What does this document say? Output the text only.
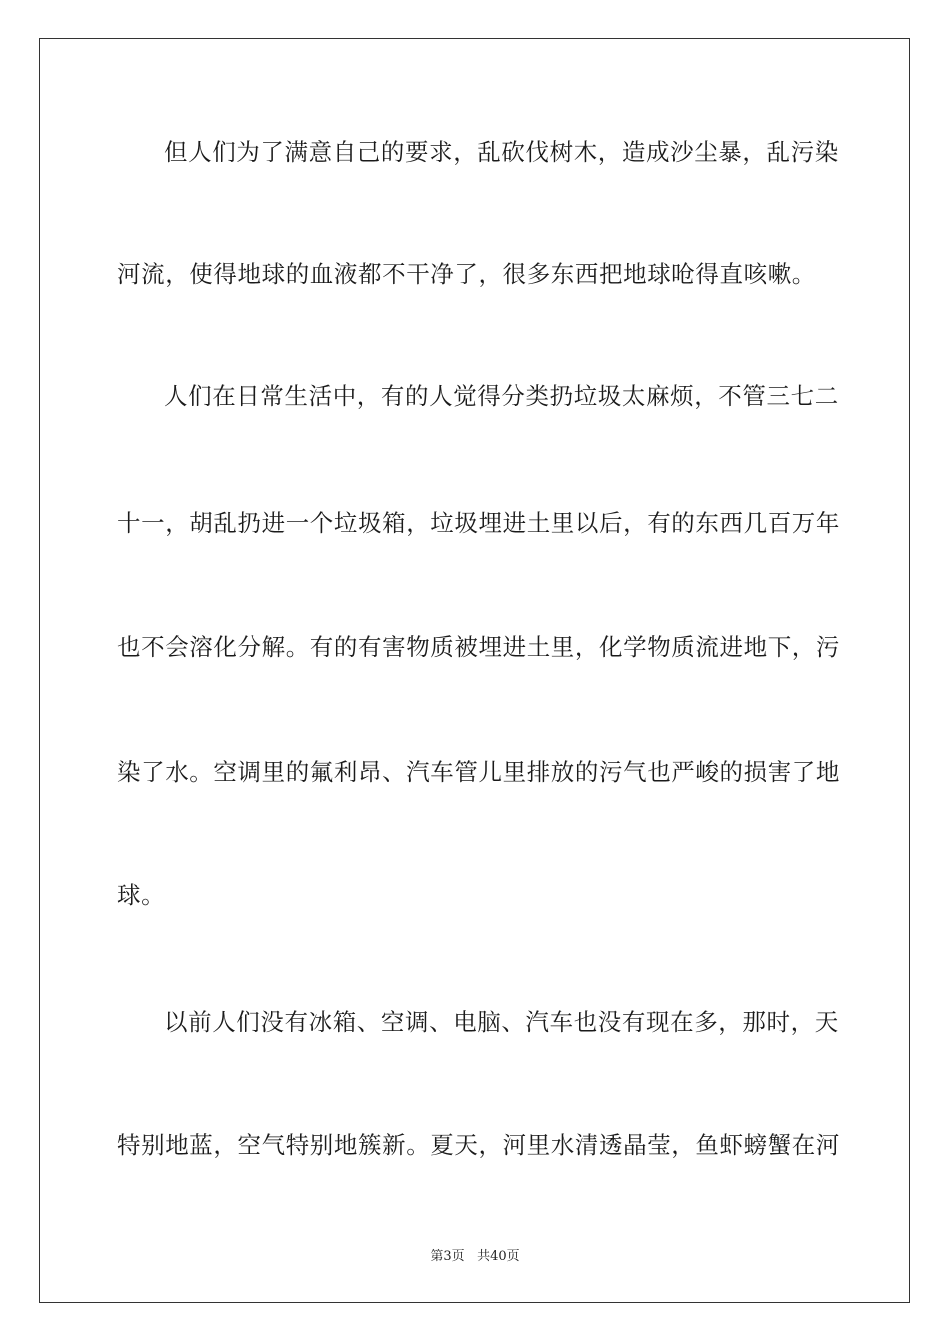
但人们为了满意自己的要求，乱砍伐树木，造成沙尘暴，乱污染
河流，使得地球的血液都不干净了，很多东西把地球呛得直咳嗽。
人们在日常生活中，有的人觉得分类扔垃圾太麻烦，不管三七二
十一，胡乱扔进一个垃圾箱，垃圾埋进土里以后，有的东西几百万年
也不会溶化分解。有的有害物质被埋进土里，化学物质流进地下，污
染了水。空调里的氟利昂、汽车管儿里排放的污气也严峻的损害了地
球。
以前人们没有冰箱、空调、电脑、汽车也没有现在多，那时，天
特别地蓝，空气特别地簇新。夏天，河里水清透晶莹，鱼虾螃蟹在河
第3页 共40页
